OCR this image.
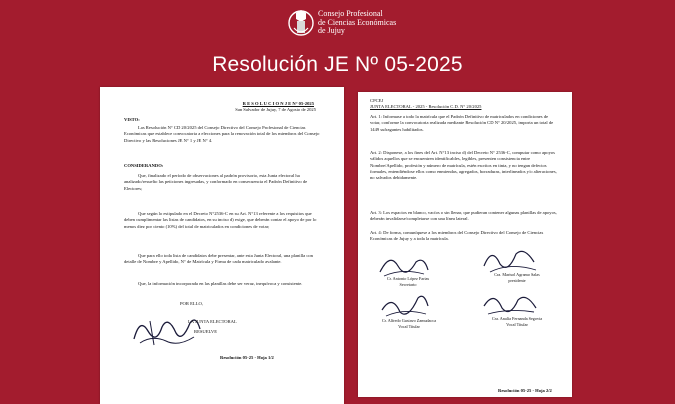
Consejo Profesional
de Ciencias Económicas
de Jujuy
Resolución JE Nº 05-2025
R E S O L U C I O N J E N° 05-2025
San Salvador de Jujuy, 7 de Agosto de 2025
VISTO:

Las Resolución N° CD 20/2025 del Consejo Directivo del Consejo Profesional de Ciencias Económicas que establece convocatoria a elecciones para la renovación total de los miembros del Consejo Directivo y las Resoluciones JE N° 1 y JE N° 4.

CONSIDERANDO:

Que, finalizado el período de observaciones al padrón provisorio, esta Junta electoral ha analizado/resuelto las peticiones ingresadas, y conformado en consecuencia el Padrón Definitivo de Electores;

Que según lo estipulado en el Decreto N°2536-C en su Art. N°13 referente a los requisitos que deben cumplimentar las listas de candidatos, en su inciso d) exige, que deberán contar el apoyo de por lo menos diez por ciento (10%) del total de matriculados en condiciones de votar;

Que para ello toda lista de candidatos debe presentar, ante esta Junta Electoral, una planilla con detalle de Nombre y Apellido, N° de Matrícula y Firma de cada matriculado avalante.

Que, la información incorporada en las planillas debe ser veraz, inequívoca y consistente.

POR ELLO,
LA JUNTA ELECTORAL
RESUELVE
Resolución 05-25 - Hoja 1/2
CPCEJ
JUNTA ELECTORAL - 2025 - Resolución C.D. N° 20/2025

Art. 1: Informase a todo la matrícula que el Padrón Definitivo de matriculados en condiciones de votar, conforme la convocatoria realizada mediante Resolución CD N° 20/2025, importa un total de 1449 sufragantes habilitados.

Art. 2: Disponese, a los fines del Art. N°13 inciso d) del Decreto N° 2536-C, computar como apoyos válidos aquellos que se encuentren identificables, legibles, presenten consistencia entre Nombre/Apellido, profesión y número de matrícula, estén escritos en tinta, y no tengan defectos formales, entendiéndose ellos como enmiendas, agregados, borraduras, interlineados y/o alteraciones, no salvados debidamente.

Art. 3: Los espacios en blanco, vacíos o sin llenar, que pudieran contener algunas planillas de apoyos, deberán invalidarse/completarse con una línea lateral.

Art. 4: De forma, comuníquese a los miembros del Consejo Directivo del Consejo de Ciencias Económicas de Jujuy y a toda la matrícula.

Cr. Antonio López Farias
Secretario
Cra. Marisol Agramo Salas
presidente
Cr. Alfredo Gustavo Zamudacca
Vocal Titular
Cra. Analía Fernanda Segovia
Vocal Titular
Resolución 05-25 - Hoja 2/2
